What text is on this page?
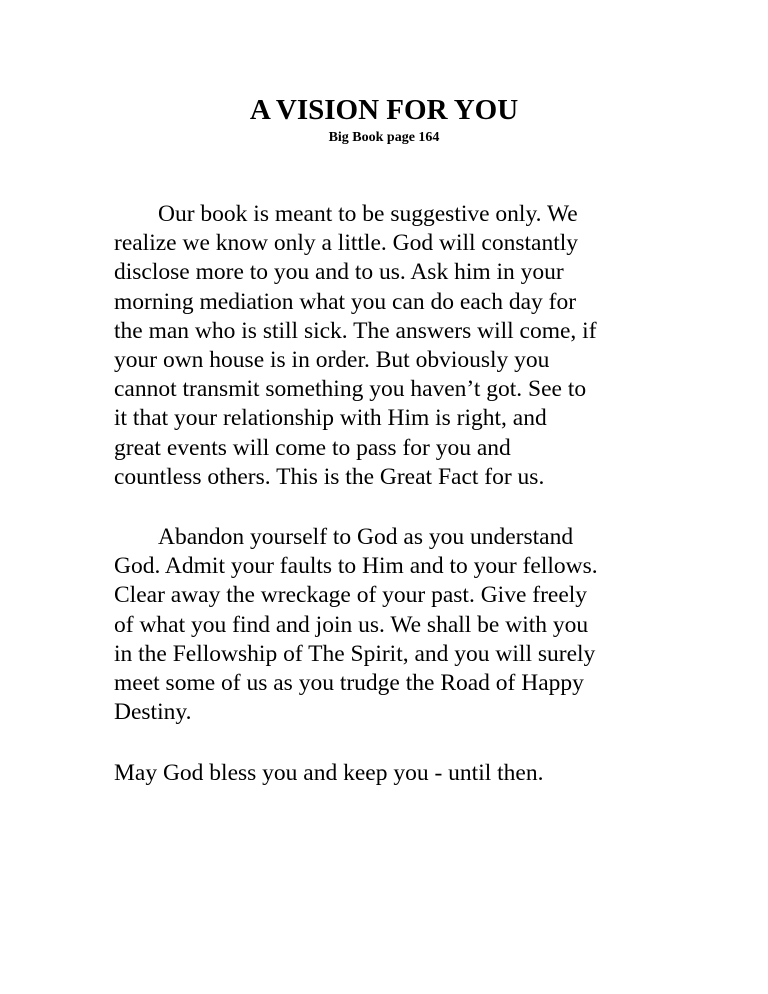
A VISION FOR YOU
Big Book page 164

Our book is meant to be suggestive only. We
realize we know only a little. God will constantly
disclose more to you and to us. Ask him in your
morning mediation what you can do each day for
the man who is still sick. The answers will come, if
your own house is in order. But obviously you
cannot transmit something you haven’t got. See to
it that your relationship with Him is right, and
great events will come to pass for you and
countless others. This is the Great Fact for us.

Abandon yourself to God as you understand
God. Admit your faults to Him and to your fellows.
Clear away the wreckage of your past. Give freely
of what you find and join us. We shall be with you
in the Fellowship of The Spirit, and you will surely
meet some of us as you trudge the Road of Happy
Destiny.

May God bless you and keep you - until then.
